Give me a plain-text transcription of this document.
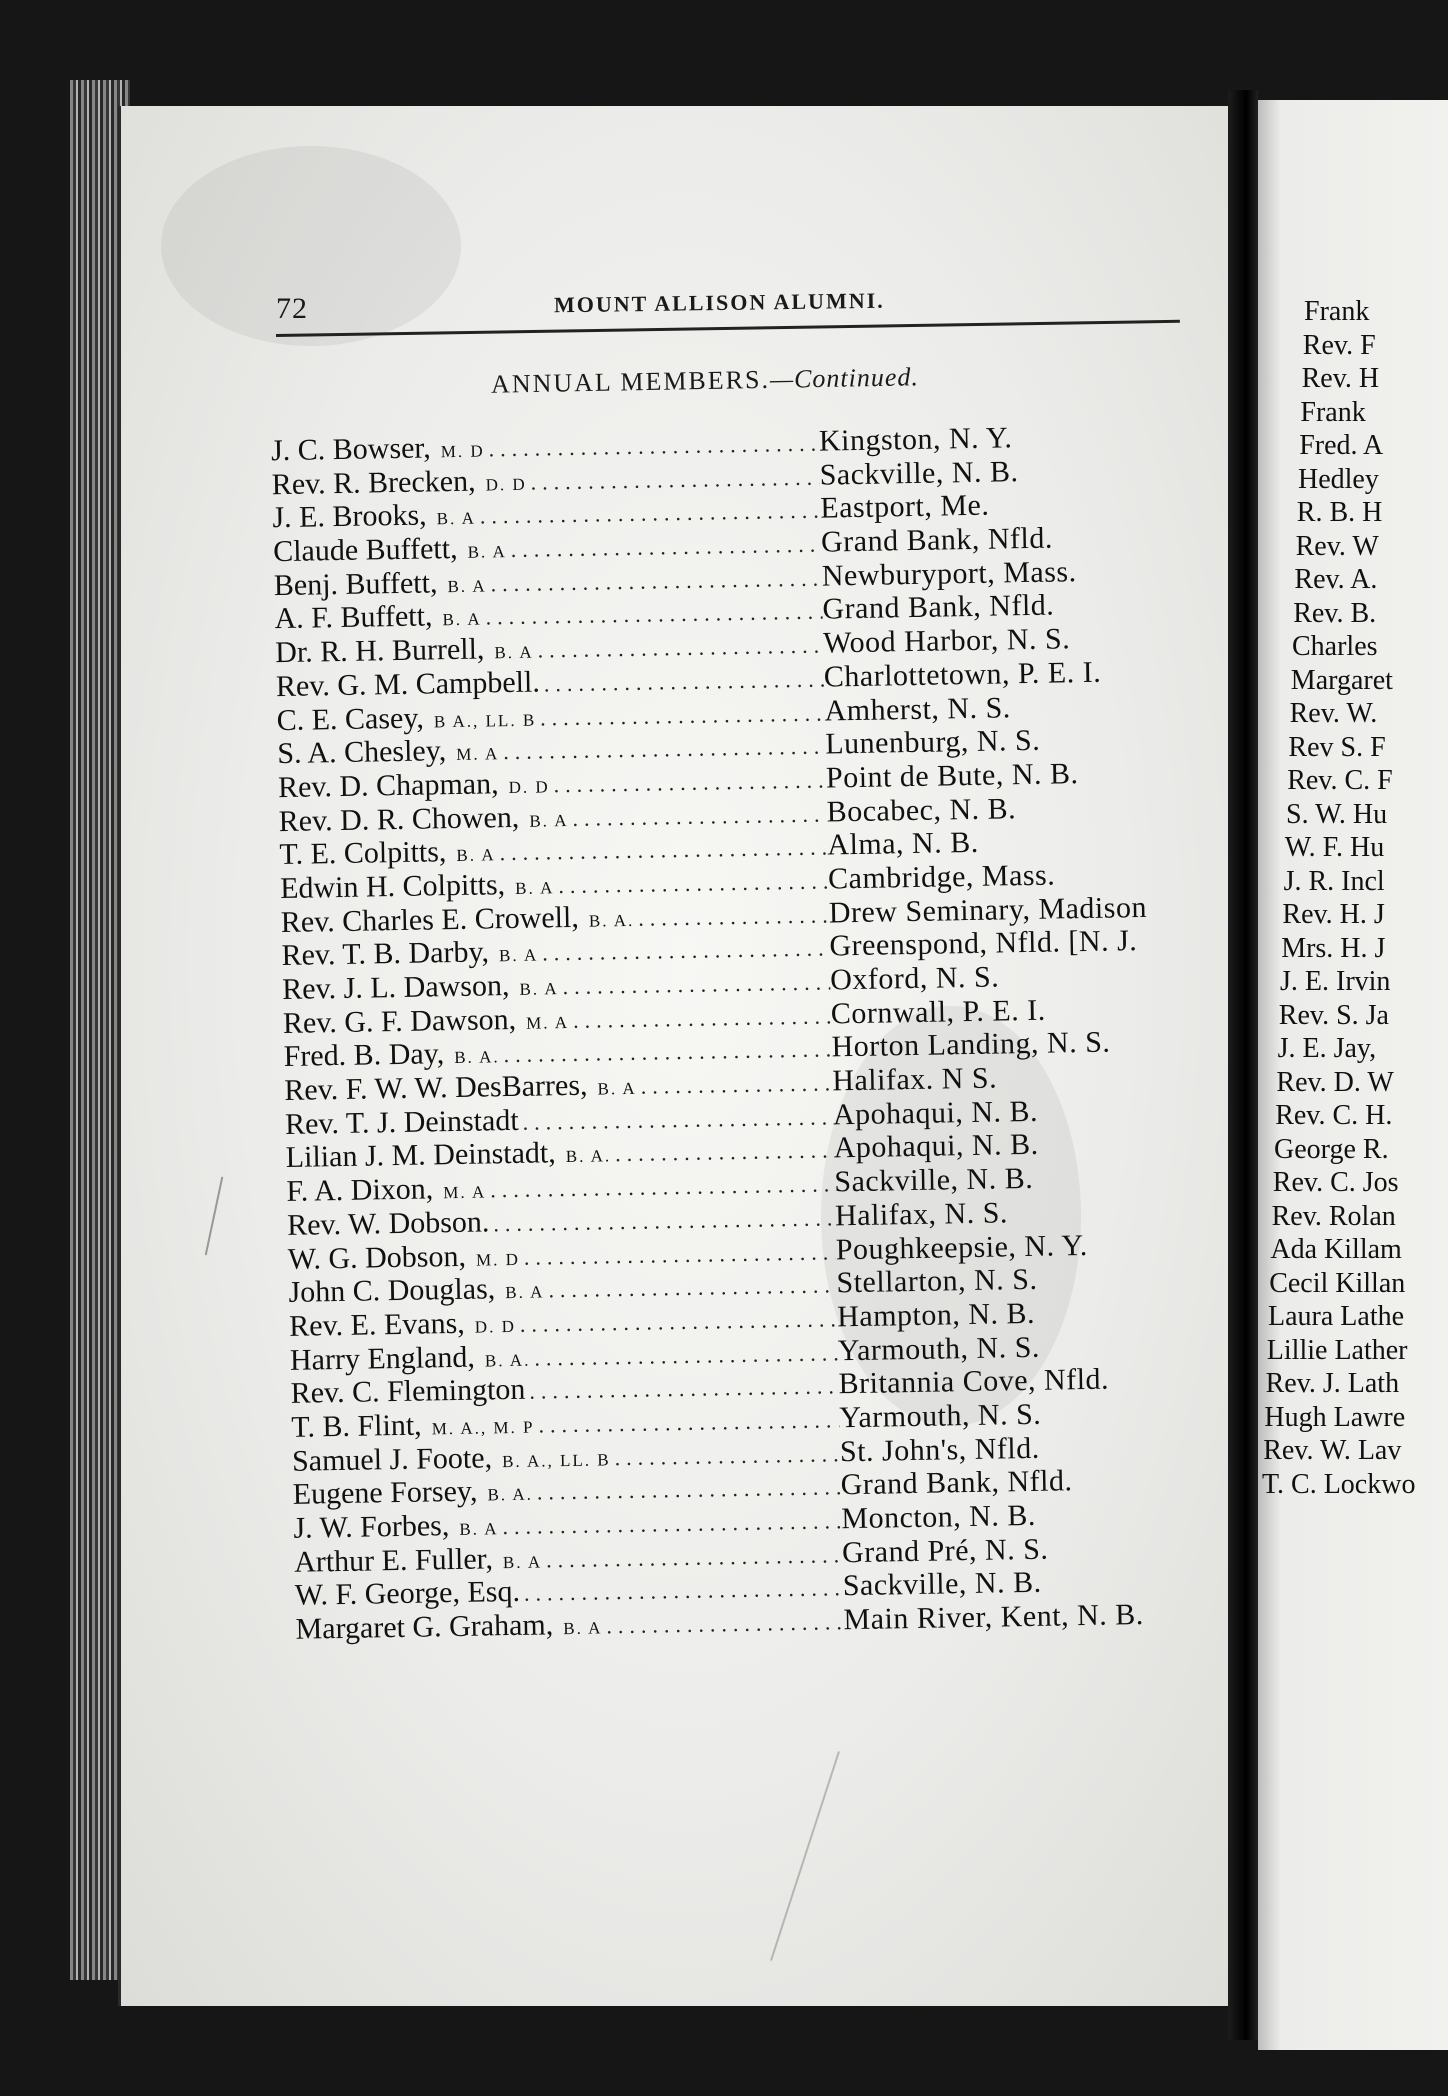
72	MOUNT ALLISON ALUMNI.
ANNUAL MEMBERS.—Continued.
J. C. Bowser, M. D .....	Kingston, N. Y.
Rev. R. Brecken, D. D .....	Sackville, N. B.
J. E. Brooks, B. A .....	Eastport, Me.
Claude Buffett, B. A .....	Grand Bank, Nfld.
Benj. Buffett, B. A .....	Newburyport, Mass.
A. F. Buffett, B. A .....	Grand Bank, Nfld.
Dr. R. H. Burrell, B. A .....	Wood Harbor, N. S.
Rev. G. M. Campbell. .....	Charlottetown, P. E. I.
C. E. Casey, B A., LL. B .....	Amherst, N. S.
S. A. Chesley, M. A .....	Lunenburg, N. S.
Rev. D. Chapman, D. D .....	Point de Bute, N. B.
Rev. D. R. Chowen, B. A .....	Bocabec, N. B.
T. E. Colpitts, B. A .....	Alma, N. B.
Edwin H. Colpitts, B. A .....	Cambridge, Mass.
Rev. Charles E. Crowell, B. A. .....	Drew Seminary, Madison
Rev. T. B. Darby, B. A .....	Greenspond, Nfld. [N. J.
Rev. J. L. Dawson, B. A .....	Oxford, N. S.
Rev. G. F. Dawson, M. A .....	Cornwall, P. E. I.
Fred. B. Day, B. A. .....	Horton Landing, N. S.
Rev. F. W. W. DesBarres, B. A .....	Halifax. N S.
Rev. T. J. Deinstadt .....	Apohaqui, N. B.
Lilian J. M. Deinstadt, B. A. .....	Apohaqui, N. B.
F. A. Dixon, M. A .....	Sackville, N. B.
Rev. W. Dobson. .....	Halifax, N. S.
W. G. Dobson, M. D .....	Poughkeepsie, N. Y.
John C. Douglas, B. A .....	Stellarton, N. S.
Rev. E. Evans, D. D .....	Hampton, N. B.
Harry England, B. A. .....	Yarmouth, N. S.
Rev. C. Flemington .....	Britannia Cove, Nfld.
T. B. Flint, M. A., M. P .....	Yarmouth, N. S.
Samuel J. Foote, B. A., LL. B .....	St. John's, Nfld.
Eugene Forsey, B. A. .....	Grand Bank, Nfld.
J. W. Forbes, B. A .....	Moncton, N. B.
Arthur E. Fuller, B. A .....	Grand Pré, N. S.
W. F. George, Esq. .....	Sackville, N. B.
Margaret G. Graham, B. A .....	Main River, Kent, N. B.
Frank
Rev. F
Rev. H
Frank
Fred. A
Hedley
R. B. H
Rev. W
Rev. A.
Rev. B.
Charles
Margaret
Rev. W.
Rev S. F
Rev. C. F
S. W. Hu
W. F. Hu
J. R. Incl
Rev. H. J
Mrs. H. J
J. E. Irvin
Rev. S. Ja
J. E. Jay,
Rev. D. W
Rev. C. H.
George R.
Rev. C. Jos
Rev. Rolan
Ada Killam
Cecil Killan
Laura Lathe
Lillie Lather
Rev. J. Lath
Hugh Lawre
Rev. W. Lav
T. C. Lockwo
